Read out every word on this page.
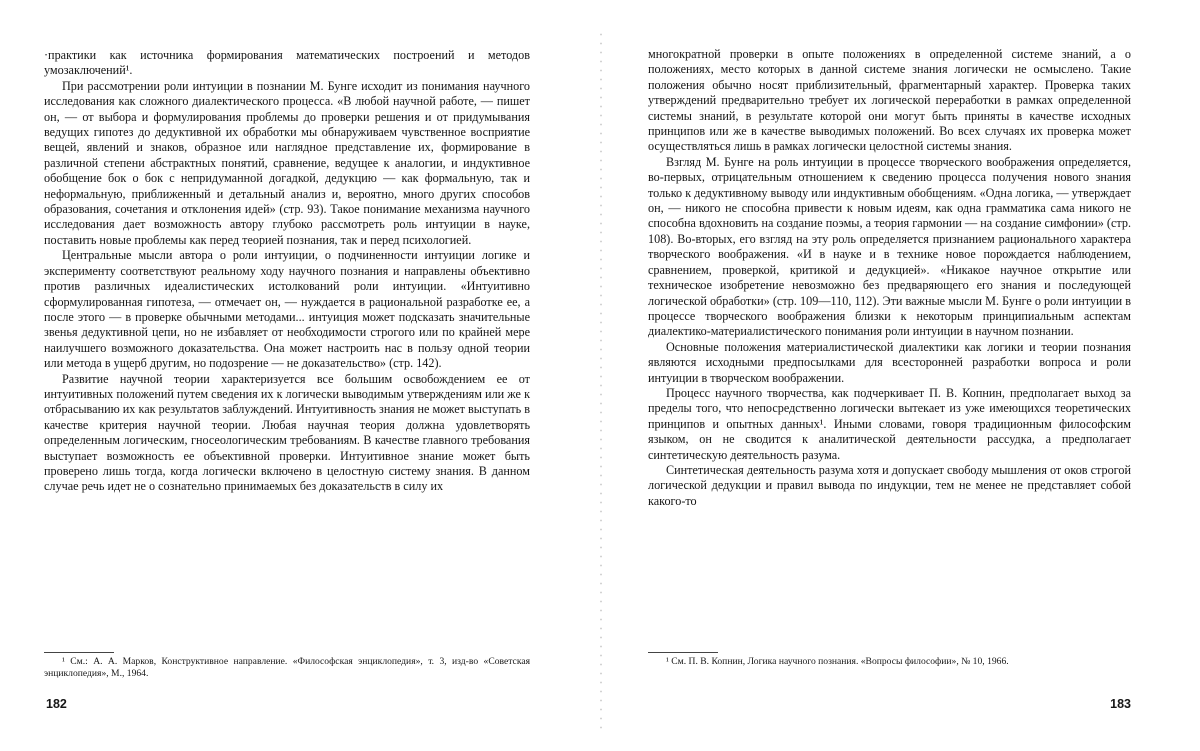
·практики как источника формирования математических построений и методов умозаключений¹.

При рассмотрении роли интуиции в познании М. Бунге исходит из понимания научного исследования как сложного диалектического процесса. «В любой научной работе, — пишет он, — от выбора и формулирования проблемы до проверки решения и от придумывания ведущих гипотез до дедуктивной их обработки мы обнаруживаем чувственное восприятие вещей, явлений и знаков, образное или наглядное представление их, формирование в различной степени абстрактных понятий, сравнение, ведущее к аналогии, и индуктивное обобщение бок о бок с непридуманной догадкой, дедукцию — как формальную, так и неформальную, приближенный и детальный анализ и, вероятно, много других способов образования, сочетания и отклонения идей» (стр. 93). Такое понимание механизма научного исследования дает возможность автору глубоко рассмотреть роль интуиции в науке, поставить новые проблемы как перед теорией познания, так и перед психологией.

Центральные мысли автора о роли интуиции, о подчиненности интуиции логике и эксперименту соответствуют реальному ходу научного познания и направлены объективно против различных идеалистических истолкований роли интуиции. «Интуитивно сформулированная гипотеза, — отмечает он, — нуждается в рациональной разработке ее, а после этого — в проверке обычными методами... интуиция может подсказать значительные звенья дедуктивной цепи, но не избавляет от необходимости строгого или по крайней мере наилучшего возможного доказательства. Она может настроить нас в пользу одной теории или метода в ущерб другим, но подозрение — не доказательство» (стр. 142).

Развитие научной теории характеризуется все большим освобождением ее от интуитивных положений путем сведения их к логически выводимым утверждениям или же к отбрасыванию их как результатов заблуждений. Интуитивность знания не может выступать в качестве критерия научной теории. Любая научная теория должна удовлетворять определенным логическим, гносеологическим требованиям. В качестве главного требования выступает возможность ее объективной проверки. Интуитивное знание может быть проверено лишь тогда, когда логически включено в целостную систему знания. В данном случае речь идет не о сознательно принимаемых без доказательств в силу их

¹ См.: А. А. Марков, Конструктивное направление. «Философская энциклопедия», т. 3, изд-во «Советская энциклопедия», М., 1964.
182

многократной проверки в опыте положениях в определенной системе знаний, а о положениях, место которых в данной системе знания логически не осмыслено. Такие положения обычно носят приблизительный, фрагментарный характер. Проверка таких утверждений предварительно требует их логической переработки в рамках определенной системы знаний, в результате которой они могут быть приняты в качестве исходных принципов или же в качестве выводимых положений. Во всех случаях их проверка может осуществляться лишь в рамках логически целостной системы знания.

Взгляд М. Бунге на роль интуиции в процессе творческого воображения определяется, во-первых, отрицательным отношением к сведению процесса получения нового знания только к дедуктивному выводу или индуктивным обобщениям. «Одна логика, — утверждает он, — никого не способна привести к новым идеям, как одна грамматика сама никого не способна вдохновить на создание поэмы, а теория гармонии — на создание симфонии» (стр. 108). Во-вторых, его взгляд на эту роль определяется признанием рационального характера творческого воображения. «И в науке и в технике новое порождается наблюдением, сравнением, проверкой, критикой и дедукцией». «Никакое научное открытие или техническое изобретение невозможно без предваряющего его знания и последующей логической обработки» (стр. 109—110, 112). Эти важные мысли М. Бунге о роли интуиции в процессе творческого воображения близки к некоторым принципиальным аспектам диалектико-материалистического понимания роли интуиции в научном познании.

Основные положения материалистической диалектики как логики и теории познания являются исходными предпосылками для всесторонней разработки вопроса и роли интуиции в творческом воображении.

Процесс научного творчества, как подчеркивает П. В. Копнин, предполагает выход за пределы того, что непосредственно логически вытекает из уже имеющихся теоретических принципов и опытных данных¹. Иными словами, говоря традиционным философским языком, он не сводится к аналитической деятельности рассудка, а предполагает синтетическую деятельность разума.

Синтетическая деятельность разума хотя и допускает свободу мышления от оков строгой логической дедукции и правил вывода по индукции, тем не менее не представляет собой какого-то

¹ См. П. В. Копнин, Логика научного познания. «Вопросы философии», № 10, 1966.
183
